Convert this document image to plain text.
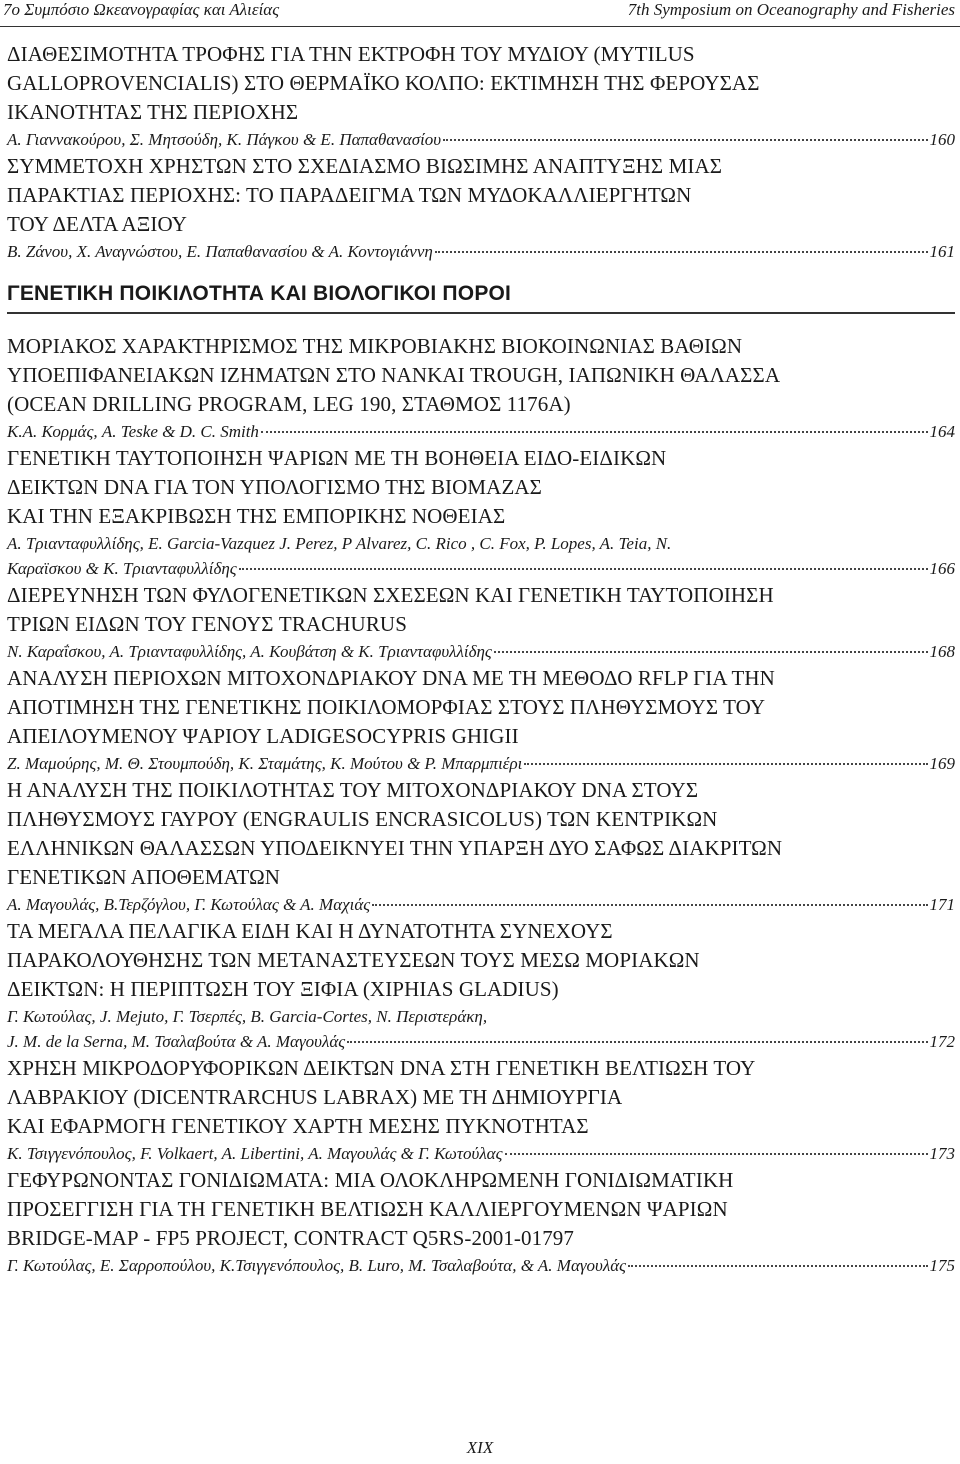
7ο Συμπόσιο Ωκεανογραφίας και Αλιείας	7th Symposium on Oceanography and Fisheries
ΔΙΑΘΕΣΙΜΟΤΗΤΑ ΤΡΟΦΗΣ ΓΙΑ ΤΗΝ ΕΚΤΡΟΦΗ ΤΟΥ ΜΥΔΙΟΥ (MYTILUS
GALLOPROVENCIALIS) ΣΤΟ ΘΕΡΜΑΪΚΟ ΚΟΛΠΟ: ΕΚΤΙΜΗΣΗ ΤΗΣ ΦΕΡΟΥΣΑΣ
ΙΚΑΝΟΤΗΤΑΣ ΤΗΣ ΠΕΡΙΟΧΗΣ
Α. Γιαννακούρου, Σ. Μητσούδη, Κ. Πάγκου & Ε. Παπαθανασίου	160
ΣΥΜΜΕΤΟΧΗ ΧΡΗΣΤΩΝ ΣΤΟ ΣΧΕΔΙΑΣΜΟ ΒΙΩΣΙΜΗΣ ΑΝΑΠΤΥΞΗΣ ΜΙΑΣ
ΠΑΡΑΚΤΙΑΣ ΠΕΡΙΟΧΗΣ: ΤΟ ΠΑΡΑΔΕΙΓΜΑ ΤΩΝ ΜΥΔΟΚΑΛΛΙΕΡΓΗΤΩΝ
ΤΟΥ ΔΕΛΤΑ ΑΞΙΟΥ
Β. Ζάνου, Χ. Αναγνώστου, Ε. Παπαθανασίου & Α. Κοντογιάννη	161
ΓΕΝΕΤΙΚΗ ΠΟΙΚΙΛΟΤΗΤΑ ΚΑΙ ΒΙΟΛΟΓΙΚΟΙ ΠΟΡΟΙ
ΜΟΡΙΑΚΟΣ ΧΑΡΑΚΤΗΡΙΣΜΟΣ ΤΗΣ ΜΙΚΡΟΒΙΑΚΗΣ ΒΙΟΚΟΙΝΩΝΙΑΣ ΒΑΘΙΩΝ
ΥΠΟΕΠΙΦΑΝΕΙΑΚΩΝ ΙΖΗΜΑΤΩΝ ΣΤΟ NANKAI TROUGH, ΙΑΠΩΝΙΚΗ ΘΑΛΑΣΣΑ
(OCEAN DRILLING PROGRAM, LEG 190, ΣΤΑΘΜΟΣ 1176A)
Κ.Α. Κορμάς, A. Teske & D. C. Smith	164
ΓΕΝΕΤΙΚΗ ΤΑΥΤΟΠΟΙΗΣΗ ΨΑΡΙΩΝ ΜΕ ΤΗ ΒΟΗΘΕΙΑ ΕΙΔΟ-ΕΙΔΙΚΩΝ
ΔΕΙΚΤΩΝ DNA ΓΙΑ ΤΟΝ ΥΠΟΛΟΓΙΣΜΟ ΤΗΣ ΒΙΟΜΑΖΑΣ
ΚΑΙ ΤΗΝ ΕΞΑΚΡΙΒΩΣΗ ΤΗΣ ΕΜΠΟΡΙΚΗΣ ΝΟΘΕΙΑΣ
Α. Τριανταφυλλίδης, E. Garcia-Vazquez J. Perez, P Alvarez, C. Rico , C. Fox, P. Lopes, A. Teia, N.
Καραϊσκου & Κ. Τριανταφυλλίδης	166
ΔΙΕΡΕΥΝΗΣΗ ΤΩΝ ΦΥΛΟΓΕΝΕΤΙΚΩΝ ΣΧΕΣΕΩΝ ΚΑΙ ΓΕΝΕΤΙΚΗ ΤΑΥΤΟΠΟΙΗΣΗ
ΤΡΙΩΝ ΕΙΔΩΝ ΤΟΥ ΓΕΝΟΥΣ TRACHURUS
Ν. Καραΐσκου, Α. Τριανταφυλλίδης, Α. Κουβάτση & Κ. Τριανταφυλλίδης	168
ΑΝΑΛΥΣΗ ΠΕΡΙΟΧΩΝ ΜΙΤΟΧΟΝΔΡΙΑΚΟΥ DNA ΜΕ ΤΗ ΜΕΘΟΔΟ RFLP ΓΙΑ ΤΗΝ
ΑΠΟΤΙΜΗΣΗ ΤΗΣ ΓΕΝΕΤΙΚΗΣ ΠΟΙΚΙΛΟΜΟΡΦΙΑΣ ΣΤΟΥΣ ΠΛΗΘΥΣΜΟΥΣ ΤΟΥ
ΑΠΕΙΛΟΥΜΕΝΟΥ ΨΑΡΙΟΥ LADIGESOCYPRIS GHIGII
Ζ. Μαμούρης, Μ. Θ. Στουμπούδη, Κ. Σταμάτης, Κ. Μούτου & Ρ. Μπαρμπιέρι	169
Η ΑΝΑΛΥΣΗ ΤΗΣ ΠΟΙΚΙΛΟΤΗΤΑΣ ΤΟΥ ΜΙΤΟΧΟΝΔΡΙΑΚΟΥ DNA ΣΤΟΥΣ
ΠΛΗΘΥΣΜΟΥΣ ΓΑΥΡΟΥ (ENGRAULIS ENCRASICOLUS) ΤΩΝ ΚΕΝΤΡΙΚΩΝ
ΕΛΛΗΝΙΚΩΝ ΘΑΛΑΣΣΩΝ ΥΠΟΔΕΙΚΝΥΕΙ ΤΗΝ ΥΠΑΡΞΗ ΔΥΟ ΣΑΦΩΣ ΔΙΑΚΡΙΤΩΝ
ΓΕΝΕΤΙΚΩΝ ΑΠΟΘΕΜΑΤΩΝ
Α. Μαγουλάς, Β.Τερζόγλου, Γ. Κωτούλας & Α. Μαχιάς	171
ΤΑ ΜΕΓΑΛΑ ΠΕΛΑΓΙΚΑ ΕΙΔΗ ΚΑΙ Η ΔΥΝΑΤΟΤΗΤΑ ΣΥΝΕΧΟΥΣ
ΠΑΡΑΚΟΛΟΥΘΗΣΗΣ ΤΩΝ ΜΕΤΑΝΑΣΤΕΥΣΕΩΝ ΤΟΥΣ ΜΕΣΩ ΜΟΡΙΑΚΩΝ
ΔΕΙΚΤΩΝ: Η ΠΕΡΙΠΤΩΣΗ ΤΟΥ ΞΙΦΙΑ (XIPHIAS GLADIUS)
Γ. Κωτούλας, J. Mejuto, Γ. Τσερπές, B. Garcia-Cortes, Ν. Περιστεράκη,
J. M. de la Serna, Μ. Τσαλαβούτα & Α. Μαγουλάς	172
ΧΡΗΣΗ ΜΙΚΡΟΔΟΡΥΦΟΡΙΚΩΝ ΔΕΙΚΤΩΝ DNA ΣΤΗ ΓΕΝΕΤΙΚΗ ΒΕΛΤΙΩΣΗ ΤΟΥ
ΛΑΒΡΑΚΙΟΥ (DICENTRARCHUS LABRAX) ΜΕ ΤΗ ΔΗΜΙΟΥΡΓΙΑ
ΚΑΙ ΕΦΑΡΜΟΓΗ ΓΕΝΕΤΙΚΟΥ ΧΑΡΤΗ ΜΕΣΗΣ ΠΥΚΝΟΤΗΤΑΣ
Κ. Τσιγγενόπουλος, F. Volkaert, A. Libertini, A. Μαγουλάς & Γ. Κωτούλας	173
ΓΕΦΥΡΩΝΟΝΤΑΣ ΓΟΝΙΔΙΩΜΑΤΑ: ΜΙΑ ΟΛΟΚΛΗΡΩΜΕΝΗ ΓΟΝΙΔΙΩΜΑΤΙΚΗ
ΠΡΟΣΕΓΓΙΣΗ ΓΙΑ ΤΗ ΓΕΝΕΤΙΚΗ ΒΕΛΤΙΩΣΗ ΚΑΛΛΙΕΡΓΟΥΜΕΝΩΝ ΨΑΡΙΩΝ
BRIDGE-MAP - FP5 PROJECT, CONTRACT Q5RS-2001-01797
Γ. Κωτούλας, Ε. Σαρροπούλου, Κ.Τσιγγενόπουλος, B. Luro, Μ. Τσαλαβούτα, & Α. Μαγουλάς	175
XIX
